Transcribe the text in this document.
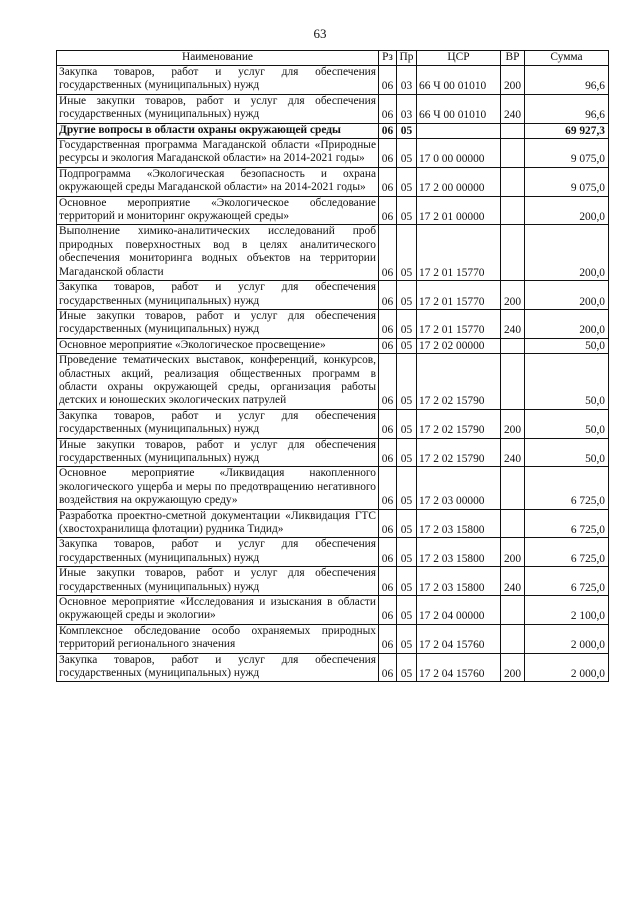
63
Наименование	Рз	Пр	ЦСР	ВР	Сумма
Закупка товаров, работ и услуг для обеспечения государственных (муниципальных) нужд	06	03	66 Ч 00 01010	200	96,6
Иные закупки товаров, работ и услуг для обеспечения государственных (муниципальных) нужд	06	03	66 Ч 00 01010	240	96,6
Другие вопросы в области охраны окружающей среды	06	05			69 927,3
Государственная программа Магаданской области «Природные ресурсы и экология Магаданской области» на 2014-2021 годы»	06	05	17 0 00 00000		9 075,0
Подпрограмма «Экологическая безопасность и охрана окружающей среды Магаданской области» на 2014-2021 годы»	06	05	17 2 00 00000		9 075,0
Основное мероприятие «Экологическое обследование территорий и мониторинг окружающей среды»	06	05	17 2 01 00000		200,0
Выполнение химико-аналитических исследований проб природных поверхностных вод в целях аналитического обеспечения мониторинга водных объектов на территории Магаданской области	06	05	17 2 01 15770		200,0
Закупка товаров, работ и услуг для обеспечения государственных (муниципальных) нужд	06	05	17 2 01 15770	200	200,0
Иные закупки товаров, работ и услуг для обеспечения государственных (муниципальных) нужд	06	05	17 2 01 15770	240	200,0
Основное мероприятие «Экологическое просвещение»	06	05	17 2 02 00000		50,0
Проведение тематических выставок, конференций, конкурсов, областных акций, реализация общественных программ в области охраны окружающей среды, организация работы детских и юношеских экологических патрулей	06	05	17 2 02 15790		50,0
Закупка товаров, работ и услуг для обеспечения государственных (муниципальных) нужд	06	05	17 2 02 15790	200	50,0
Иные закупки товаров, работ и услуг для обеспечения государственных (муниципальных) нужд	06	05	17 2 02 15790	240	50,0
Основное мероприятие «Ликвидация накопленного экологического ущерба и меры по предотвращению негативного воздействия на окружающую среду»	06	05	17 2 03 00000		6 725,0
Разработка проектно-сметной документации «Ликвидация ГТС (хвостохранилища флотации) рудника Тидид»	06	05	17 2 03 15800		6 725,0
Закупка товаров, работ и услуг для обеспечения государственных (муниципальных) нужд	06	05	17 2 03 15800	200	6 725,0
Иные закупки товаров, работ и услуг для обеспечения государственных (муниципальных) нужд	06	05	17 2 03 15800	240	6 725,0
Основное мероприятие «Исследования и изыскания в области окружающей среды и экологии»	06	05	17 2 04 00000		2 100,0
Комплексное обследование особо охраняемых природных территорий регионального значения	06	05	17 2 04 15760		2 000,0
Закупка товаров, работ и услуг для обеспечения государственных (муниципальных) нужд	06	05	17 2 04 15760	200	2 000,0
